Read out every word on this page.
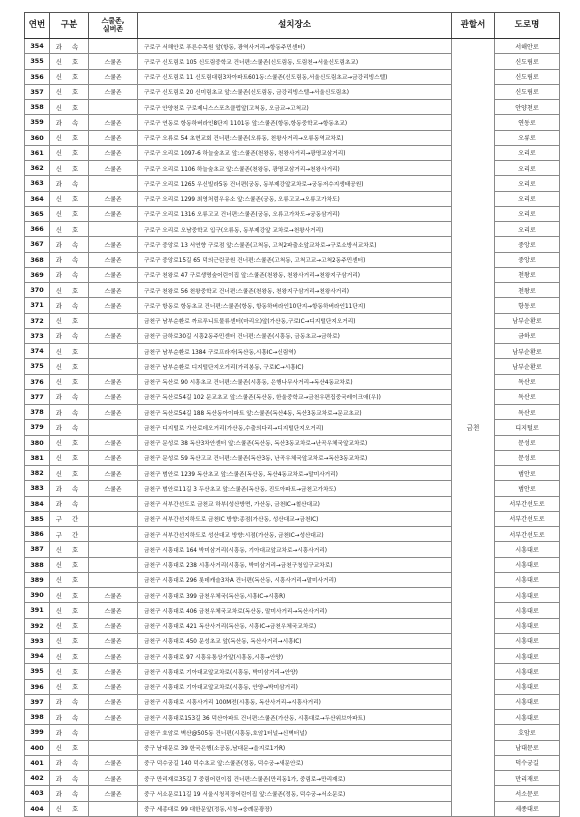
연번	구분	스쿨존,
실버존	설치장소	관할서	도로명
354	과 속		구로구 서해안로 푸른수목원 앞(항동, 광역사거리→항동주민센터)	금천	서해안로
355	신 호	스쿨존	구로구 신도림로 105 신도림중학교 건너편:스쿨존(신도림동, 도림천→서울신도림초교)		신도림로
356	신 호	스쿨존	구로구 신도림로 11 신도림대림3차아파트601동:스쿨존(신도림동,서울신도림초교→금강리빙스텔)		신도림로
357	신 호	스쿨존	구로구 신도림로 20 신미림초교 앞:스쿨존(신도림동, 금강리빙스텔→서울신도림초)		신도림로
358	신 호		구로구 안양천로 구로제니스스포츠클럽앞(고척동, 오금교→고척교)		안양천로
359	과 속	스쿨존	구로구 연동로 항동하버라인8단지 1101동 앞:스쿨존(항동,항동중학교→항동초교)		연동로
360	신 호	스쿨존	구로구 오류로 54 초현교회 건너편:스쿨존(오류동, 천왕사거리→오류동역교차로)		오류로
361	신 호	스쿨존	구로구 오리로 1097-6 하늘숲초교 앞:스쿨존(천왕동, 천왕사거리→광명교삼거리)		오리로
362	신 호	스쿨존	구로구 오리로 1106 하늘숲초교 앞:스쿨존(천왕동, 광명교삼거리→천왕사거리)		오리로
363	과 속		구로구 오리로 1265 우신빌라5동 건너편(궁동, 동부제강앞교차로→궁동저수지생태공원)		오리로
364	신 호	스쿨존	구로구 오리로 1299 최영처럼우유소 앞:스쿨존(궁동, 오류고교→오류고가차도)		오리로
365	신 호	스쿨존	구로구 오리로 1316 오류고교 건너편:스쿨존(궁동, 오류고가차도→궁동삼거리)		오리로
366	신 호		구로구 오리로 오남중학교 입구(오류동, 동부제강앞 교차로→천왕사거리)		오리로
367	과 속	스쿨존	구로구 중앙로 13 서연향 구로점 앞:스쿨존(고척동, 고척2파출소앞교차로→구로소방서교차로)		중앙로
368	과 속	스쿨존	구로구 중앙로15길 65 덕의근린공원 건너편:스쿨존(고척동, 고척고교→고척2동주민센터)		중앙로
369	과 속	스쿨존	구로구 천왕로 47 구로생명숲어린이집 앞:스쿨존(천왕동, 천왕사거리→천왕지구삼거리)		천왕로
370	신 호	스쿨존	구로구 천왕로 56 천왕중학교 건너편:스쿨존(천왕동, 천왕지구삼거리→천왕사거리)		천왕로
371	과 속	스쿨존	구로구 항동로 항동초교 건너편:스쿨존(항동, 항동하버라인10단지→항동하버라인11단지)		항동로
372	신 호		금천구 남부순환로 까르푸니트물류센터(마리오)앞(가산동,구로IC→디지털단지오거리)		남부순환로
373	과 속	스쿨존	금천구 금하로30길 시흥2동주민센터 건너편:스쿨존(시흥동, 금동초교→금하로)		금하로
374	신 호		금천구 남부순환로 1384 구로프라자(독산동,시흥IC→신림역)		남부순환로
375	신 호		금천구 남부순환로 디지털단지오거리(가리봉동, 구로IC→시흥IC)		남부순환로
376	신 호	스쿨존	금천구 독산로 90 시흥초교 건너편:스쿨존(시흥동, 은행나무사거리→독산4동교차로)		독산로
377	과 속	스쿨존	금천구 독산로54길 102 문교초교 앞:스쿨존(독산동, 한울중학교→금천우편집중국레이크애(우))		독산로
378	과 속	스쿨존	금천구 독산로54길 188 독산동아이파트 앞:스쿨존(독산4동, 독산3동교차로→문교초교)		독산로
379	과 속		금천구 디지털로 가산로데오거리(가산동,수출의다리→디지털단지오거리)		디지털로
380	신 호	스쿨존	금천구 문성로 38 독산3차안센터 앞:스쿨존(독산동, 독산3동교차로→난곡우체국앞교차로)		문성로
381	신 호	스쿨존	금천구 문성로 59 독산고교 건너편:스쿨존(독산3동, 난곡우체국앞교차로→독산3동교차로)		문성로
382	신 호	스쿨존	금천구 범안로 1239 독산초교 앞:스쿨존(독산동, 독산4동교차로→말미사거리)		범안로
383	과 속	스쿨존	금천구 범안로11길 3 두산초교 앞:스쿨존(독산동, 진도아파트→금천고가차도)		범안로
384	과 속		금천구 서부간선도로 금천교 하부(성산방면, 가산동, 금천IC→철산대교)		서부간선도로
385	구 간		금천구 서부간선지하도로 금천IC 방향:종점(가산동, 성산대교→금천IC)		서부간선도로
386	구 간		금천구 서부간선지하도로 성산대교 방향:시점(가산동, 금천IC→성산대교)		서부간선도로
387	신 호		금천구 시흥대로 164 박미삼거리(시흥동, 기아대교앞교차로→시흥사거리)		시흥대로
388	신 호		금천구 시흥대로 238 시흥사거리(시흥동, 박미삼거리→금천구청입구교차로)		시흥대로
389	신 호		금천구 시흥대로 296 롯데캐슬3차A 건너편(독산동, 시흥사거리→말미사거리)		시흥대로
390	신 호	스쿨존	금천구 시흥대로 399 금천우체국(독산동,시흥IC→시흥R)		시흥대로
391	신 호	스쿨존	금천구 시흥대로 406 금천우체국교차로(독산동, 말미사거리→독산사거리)		시흥대로
392	신 호	스쿨존	금천구 시흥대로 421 독산사거리(독산동, 시흥IC→금천우체국교차로)		시흥대로
393	신 호	스쿨존	금천구 시흥대로 450 문성초교 앞(독산동, 독산사거리→시흥IC)		시흥대로
394	신 호	스쿨존	금천구 시흥대로 97 시흥유통상가앞(시흥동,시흥→안양)		시흥대로
395	신 호	스쿨존	금천구 시흥대로 기아대교앞교차로(시흥동, 박미삼거리→안양)		시흥대로
396	신 호	스쿨존	금천구 시흥대로 기아대교앞교차로(시흥동, 안양→박미삼거리)		시흥대로
397	과 속	스쿨존	금천구 시흥대로 시흥사거리 100M전(시흥동, 독산사거리→시흥사거리)		시흥대로
398	과 속	스쿨존	금천구 시흥대로153길 36 덕산아파트 건너편:스쿨존(가산동, 시흥대로→두산위브아파트)		시흥대로
399	과 속		금천구 호암로 벽산@505동 건너편(시흥동,호암1터널→신벽터널)		호암로
400	신 호		중구 남대문로 39 한국은행(소공동,남대문→을지로1가R)		남대문로
401	과 속	스쿨존	중구 덕수궁길 140 덕수초교 앞:스쿨존(정동, 덕수궁→새문안로)		덕수궁길
402	과 속	스쿨존	중구 만리재로35길 7 중림어린이집 건너편:스쿨존(만리동1가, 중림로→만리재로)		만리재로
403	과 속	스쿨존	중구 서소문로11길 19 서울시청직장어린이집 앞:스쿨존(정동, 덕수궁→서소문로)		서소문로
404	신 호		중구 세종대로 99 대한문앞(정동,시청→숭례문광장)		세종대로
